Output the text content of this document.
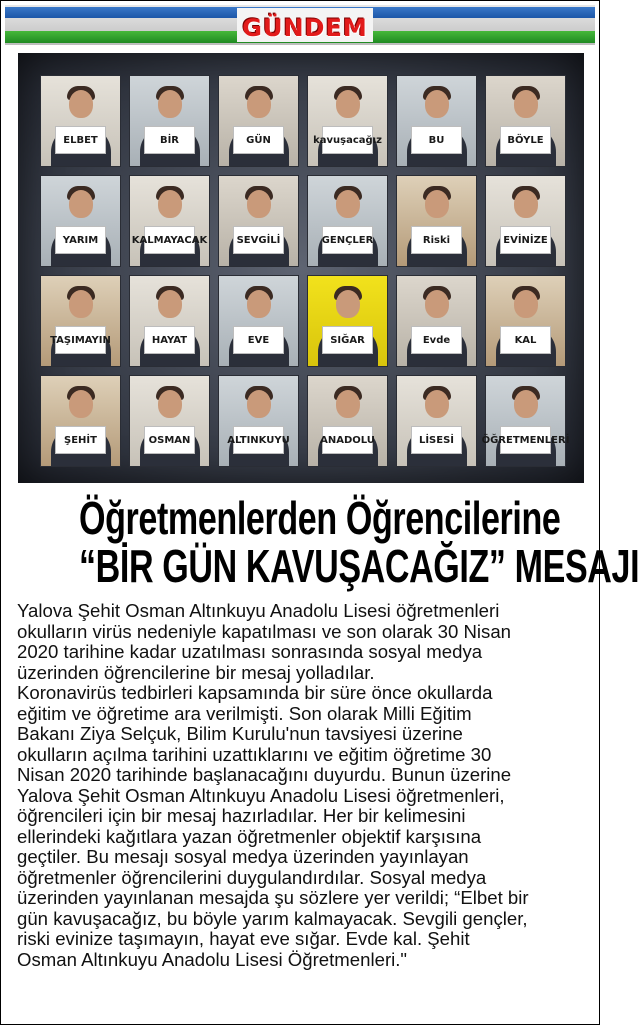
GÜNDEM
ELBET	BİR	GÜN	kavuşacağız	BU	BÖYLE
YARIM	KALMAYACAK	SEVGİLİ	GENÇLER	Riski	EVİNİZE
TAŞIMAYIN	HAYAT	EVE	SIĞAR	Evde	KAL
ŞEHİT	OSMAN	ALTINKUYU	ANADOLU	LİSESİ	ÖĞRETMENLERİ
Öğretmenlerden Öğrencilerine
“BİR GÜN KAVUŞACAĞIZ” MESAJI
Yalova Şehit Osman Altınkuyu Anadolu Lisesi öğretmenleri
okulların virüs nedeniyle kapatılması ve son olarak 30 Nisan
2020 tarihine kadar uzatılması sonrasında sosyal medya
üzerinden öğrencilerine bir mesaj yolladılar.
Koronavirüs tedbirleri kapsamında bir süre önce okullarda
eğitim ve öğretime ara verilmişti. Son olarak Milli Eğitim
Bakanı Ziya Selçuk, Bilim Kurulu'nun tavsiyesi üzerine
okulların açılma tarihini uzattıklarını ve eğitim öğretime 30
Nisan 2020 tarihinde başlanacağını duyurdu. Bunun üzerine
Yalova Şehit Osman Altınkuyu Anadolu Lisesi öğretmenleri,
öğrencileri için bir mesaj hazırladılar. Her bir kelimesini
ellerindeki kağıtlara yazan öğretmenler objektif karşısına
geçtiler. Bu mesajı sosyal medya üzerinden yayınlayan
öğretmenler öğrencilerini duygulandırdılar. Sosyal medya
üzerinden yayınlanan mesajda şu sözlere yer verildi; “Elbet bir
gün kavuşacağız, bu böyle yarım kalmayacak. Sevgili gençler,
riski evinize taşımayın, hayat eve sığar. Evde kal. Şehit
Osman Altınkuyu Anadolu Lisesi Öğretmenleri."
